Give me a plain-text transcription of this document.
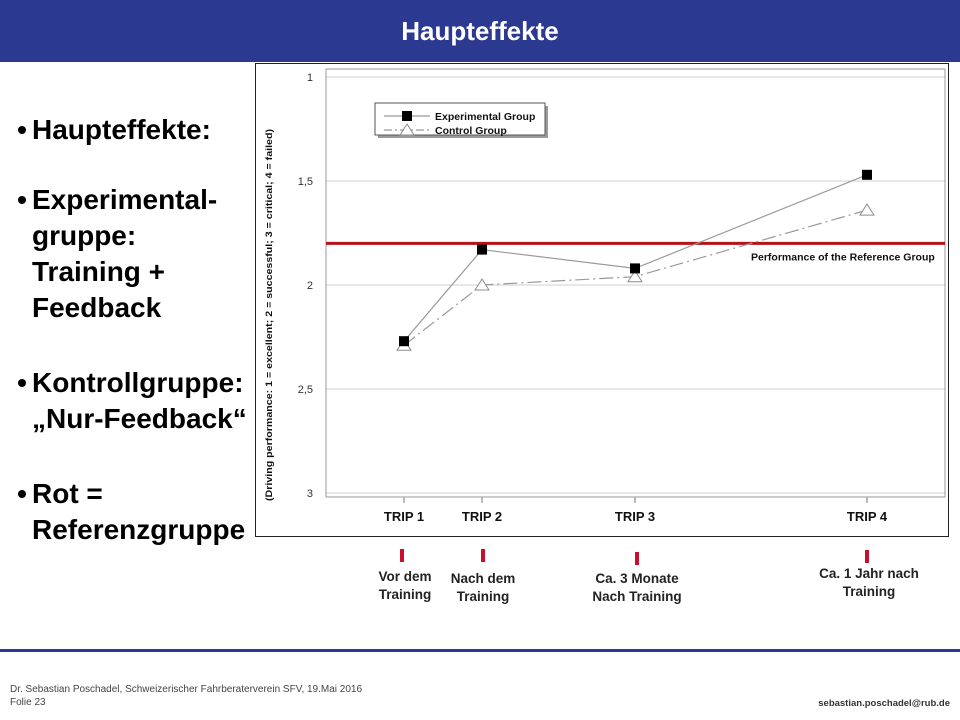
Haupteffekte
Haupteffekte:
Experimental-
gruppe:
Training +
Feedback
Kontrollgruppe:
„Nur-Feedback“
Rot =
Referenzgruppe
1
1,5
2
2,5
3
TRIP 1	TRIP 2	TRIP 3	TRIP 4
Performance of the Reference Group
(Driving performance: 1 = excellent; 2 = successful; 3 = critical; 4 = failed)
Experimental Group
Control Group
Vor dem
Training
Nach dem
Training
Ca. 3 Monate
Nach Training
Ca. 1 Jahr nach
Training
Dr. Sebastian Poschadel, Schweizerischer Fahrberaterverein SFV, 19.Mai 2016
Folie 23	sebastian.poschadel@rub.de
